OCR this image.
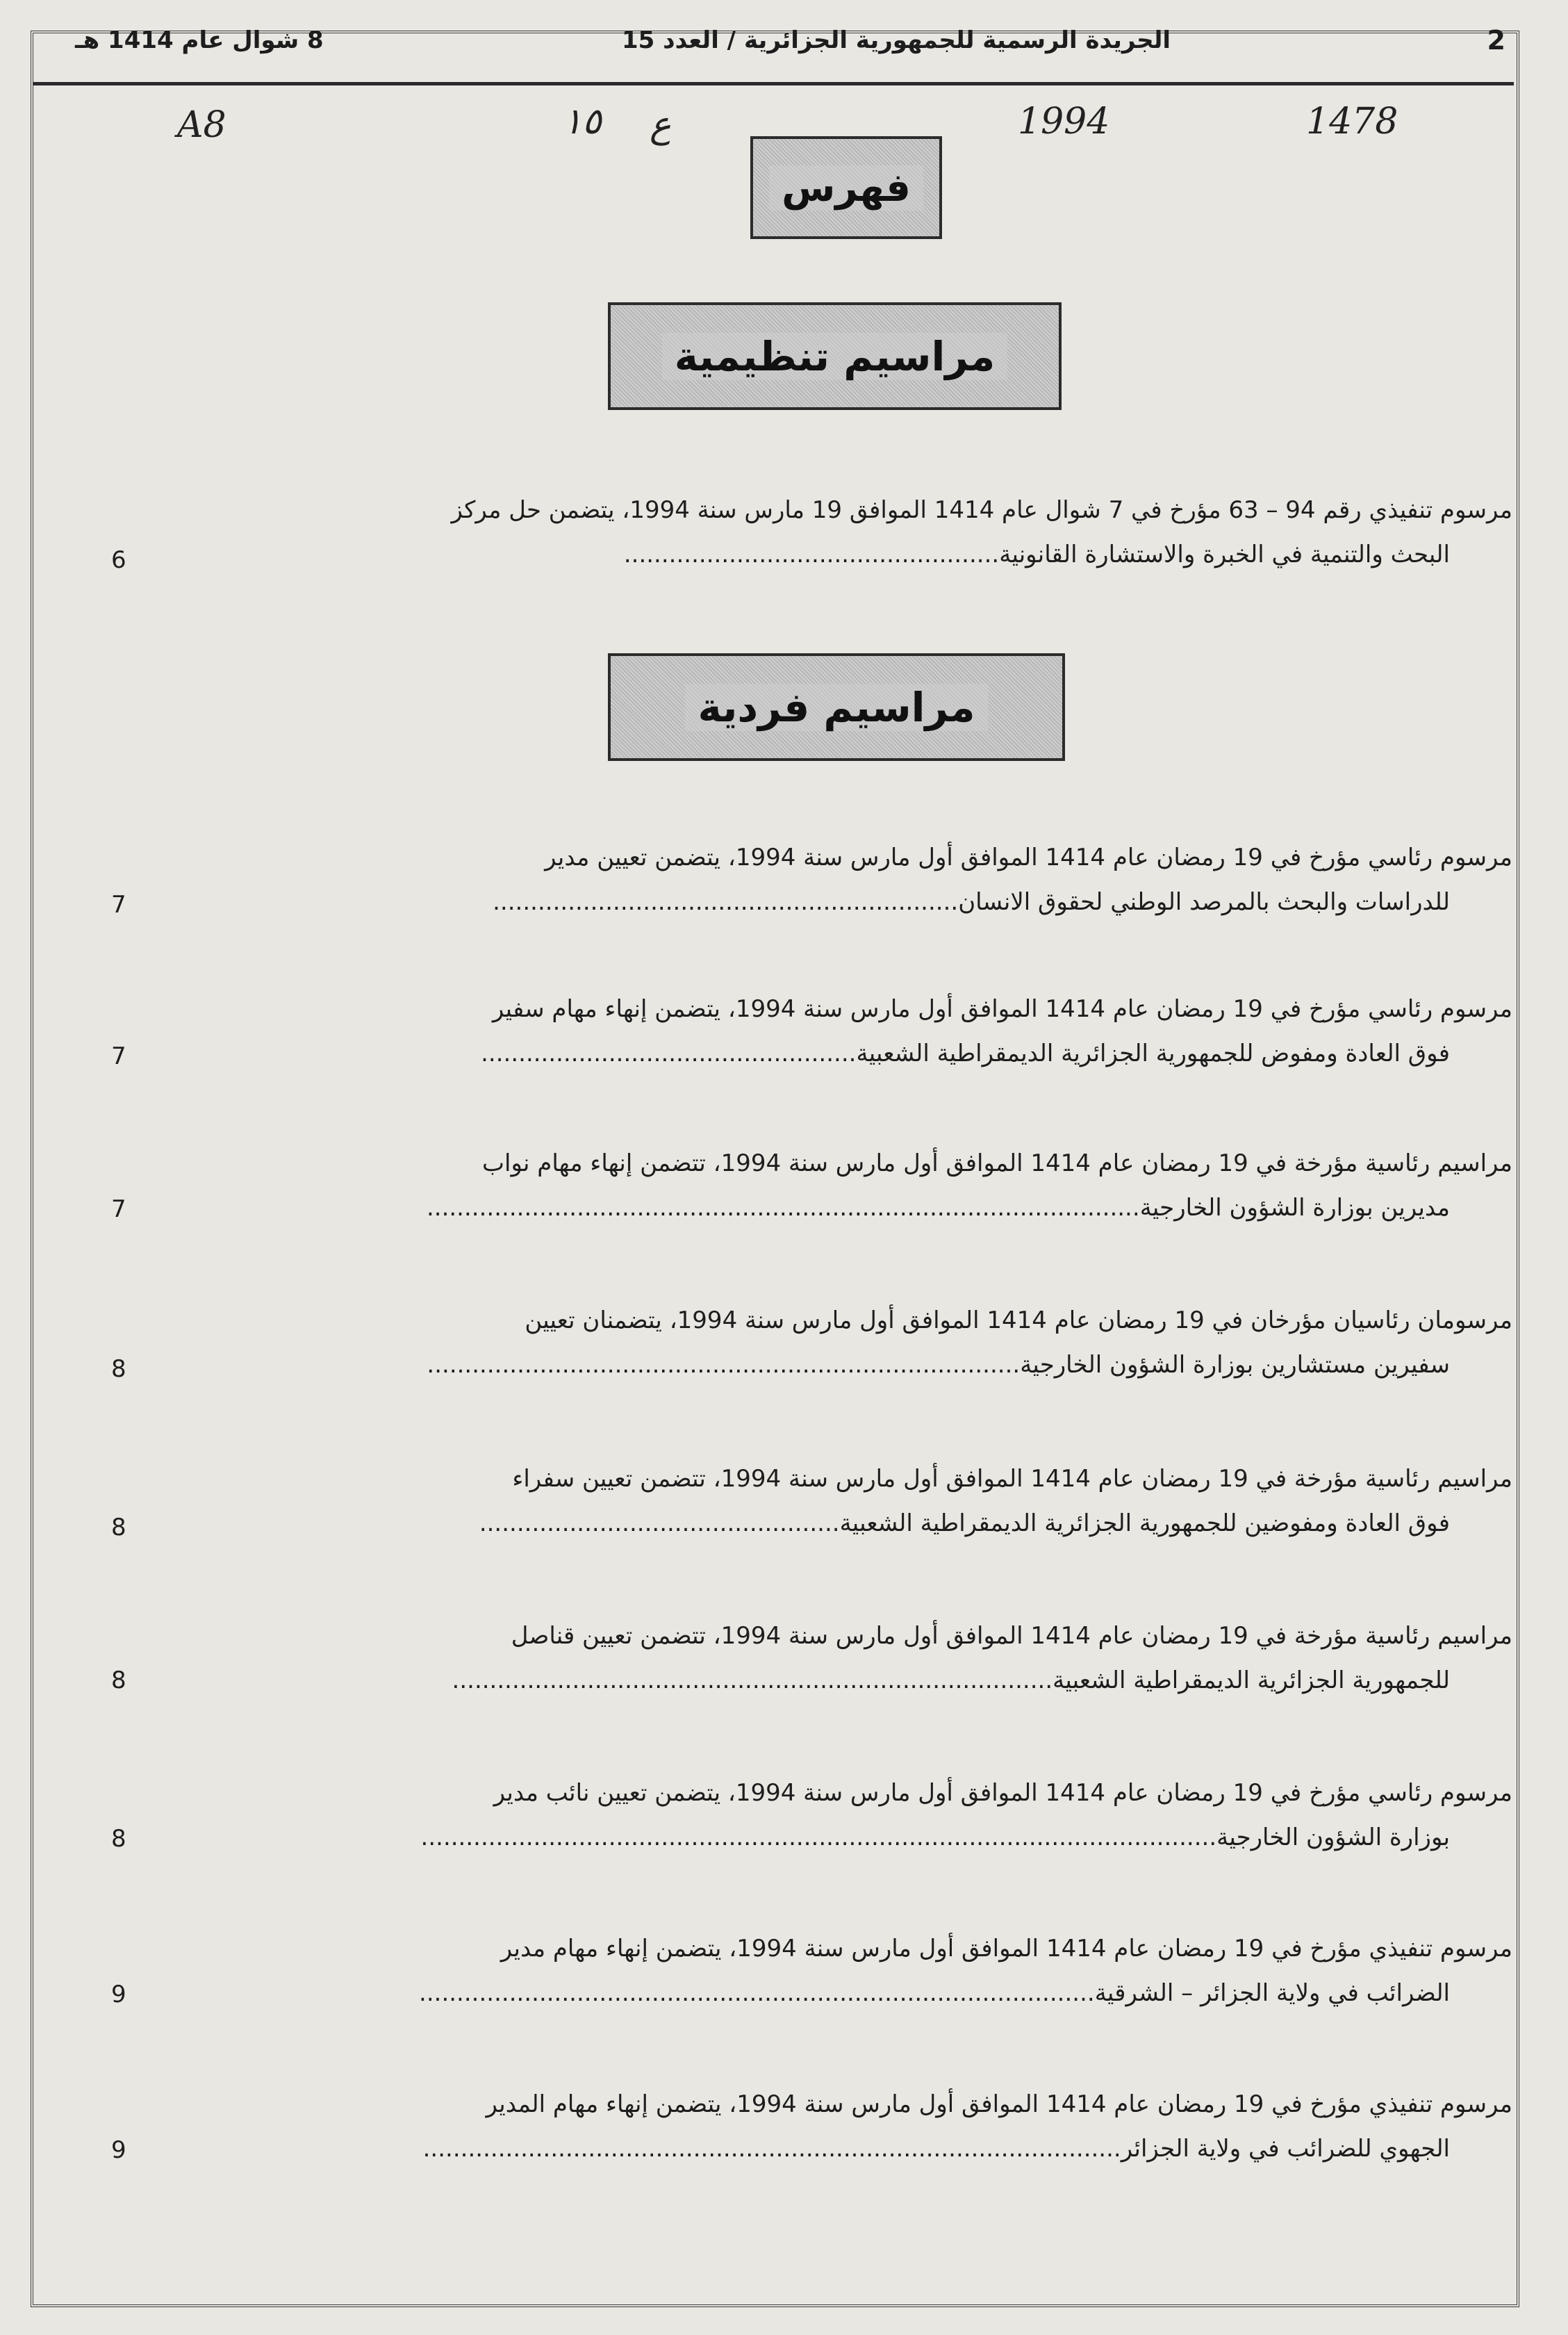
2
الجريدة الرسمية للجمهورية الجزائرية / العدد 15
8 شوال عام 1414 هـ
A8	١٥ ع	1994	1478
فهرس
مراسيم تنظيمية
مرسوم تنفيذي رقم 94 – 63 مؤرخ في 7 شوال عام 1414 الموافق 19 مارس سنة 1994، يتضمن حل مركز
البحث والتنمية في الخبرة والاستشارة القانونية..................................................
6
مراسيم فردية
مرسوم رئاسي مؤرخ في 19 رمضان عام 1414 الموافق أول مارس سنة 1994، يتضمن تعيين مدير
للدراسات والبحث بالمرصد الوطني لحقوق الانسان..............................................................
7
مرسوم رئاسي مؤرخ في 19 رمضان عام 1414 الموافق أول مارس سنة 1994، يتضمن إنهاء مهام سفير
فوق العادة ومفوض للجمهورية الجزائرية الديمقراطية الشعبية..................................................
7
مراسيم رئاسية مؤرخة في 19 رمضان عام 1414 الموافق أول مارس سنة 1994، تتضمن إنهاء مهام نواب
مديرين بوزارة الشؤون الخارجية...............................................................................................
7
مرسومان رئاسيان مؤرخان في 19 رمضان عام 1414 الموافق أول مارس سنة 1994، يتضمنان تعيين
سفيرين مستشارين بوزارة الشؤون الخارجية...............................................................................
8
مراسيم رئاسية مؤرخة في 19 رمضان عام 1414 الموافق أول مارس سنة 1994، تتضمن تعيين سفراء
فوق العادة ومفوضين للجمهورية الجزائرية الديمقراطية الشعبية................................................
8
مراسيم رئاسية مؤرخة في 19 رمضان عام 1414 الموافق أول مارس سنة 1994، تتضمن تعيين قناصل
للجمهورية الجزائرية الديمقراطية الشعبية................................................................................
8
مرسوم رئاسي مؤرخ في 19 رمضان عام 1414 الموافق أول مارس سنة 1994، يتضمن تعيين نائب مدير
بوزارة الشؤون الخارجية..........................................................................................................
8
مرسوم تنفيذي مؤرخ في 19 رمضان عام 1414 الموافق أول مارس سنة 1994، يتضمن إنهاء مهام مدير
الضرائب في ولاية الجزائر – الشرقية..........................................................................................
9
مرسوم تنفيذي مؤرخ في 19 رمضان عام 1414 الموافق أول مارس سنة 1994، يتضمن إنهاء مهام المدير
الجهوي للضرائب في ولاية الجزائر.............................................................................................
9
